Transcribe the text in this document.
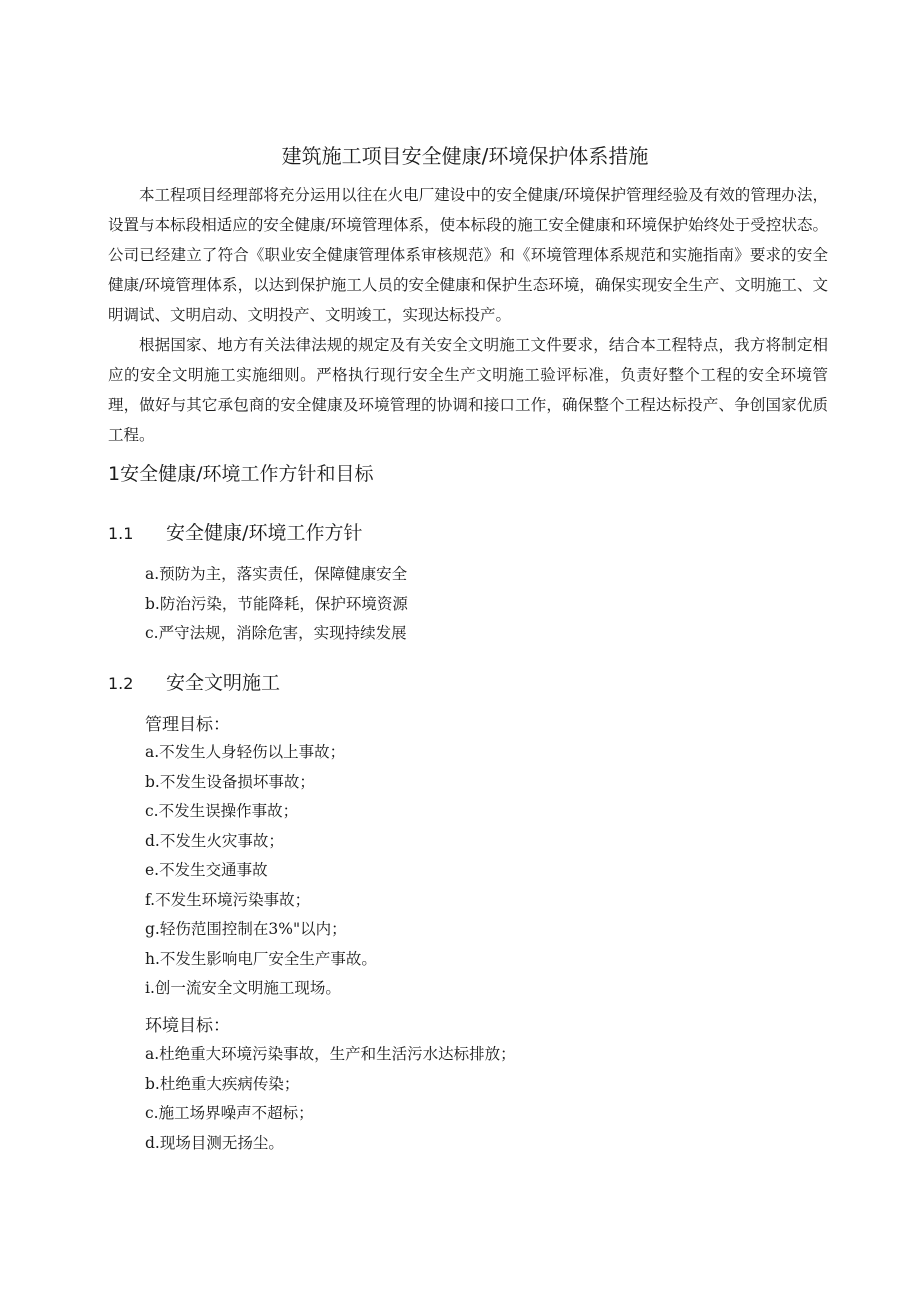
建筑施工项目安全健康/环境保护体系措施

本工程项目经理部将充分运用以往在火电厂建设中的安全健康/环境保护管理经验及有效的管理办法，设置与本标段相适应的安全健康/环境管理体系，使本标段的施工安全健康和环境保护始终处于受控状态。公司已经建立了符合《职业安全健康管理体系审核规范》和《环境管理体系规范和实施指南》要求的安全健康/环境管理体系，以达到保护施工人员的安全健康和保护生态环境，确保实现安全生产、文明施工、文明调试、文明启动、文明投产、文明竣工，实现达标投产。

根据国家、地方有关法律法规的规定及有关安全文明施工文件要求，结合本工程特点，我方将制定相应的安全文明施工实施细则。严格执行现行安全生产文明施工验评标准，负责好整个工程的安全环境管理，做好与其它承包商的安全健康及环境管理的协调和接口工作，确保整个工程达标投产、争创国家优质工程。

1安全健康/环境工作方针和目标
1.1 安全健康/环境工作方针
a.预防为主，落实责任，保障健康安全
b.防治污染，节能降耗，保护环境资源
c.严守法规，消除危害，实现持续发展
1.2 安全文明施工
管理目标：
a.不发生人身轻伤以上事故；
b.不发生设备损坏事故；
c.不发生误操作事故；
d.不发生火灾事故；
e.不发生交通事故
f.不发生环境污染事故；
g.轻伤范围控制在3%"以内；
h.不发生影响电厂安全生产事故。
i.创一流安全文明施工现场。
环境目标：
a.杜绝重大环境污染事故，生产和生活污水达标排放；
b.杜绝重大疾病传染；
c.施工场界噪声不超标；
d.现场目测无扬尘。
